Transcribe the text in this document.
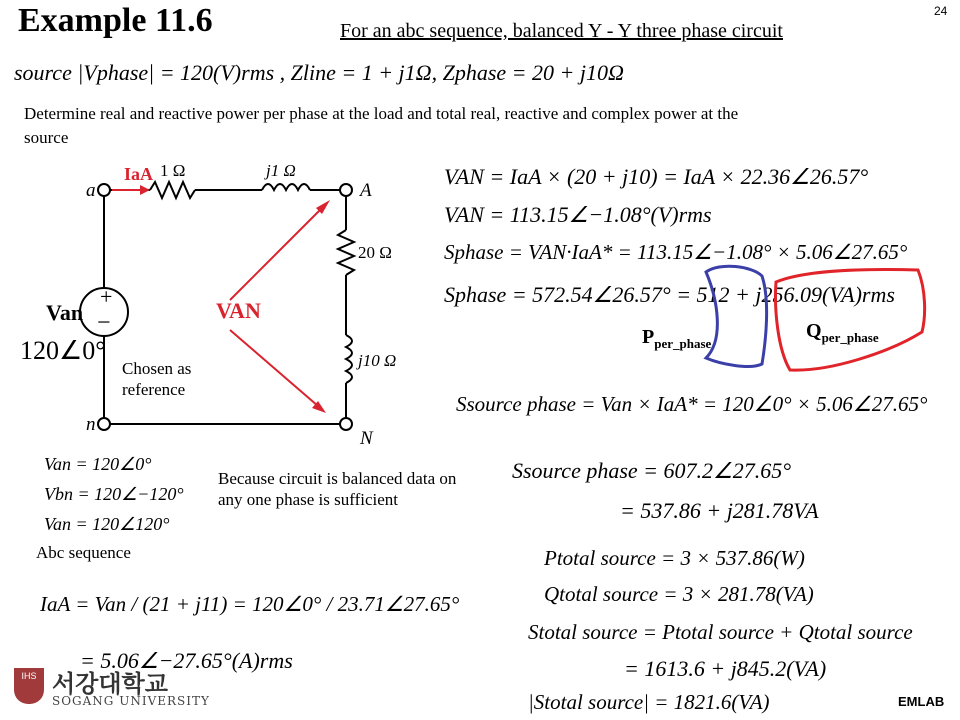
Example 11.6	For an abc sequence, balanced Y - Y three phase circuit
24
source |Vphase| = 120(V)rms , Zline = 1 + j1Ω, Zphase = 20 + j10Ω
Determine real and reactive power per phase at the load and total real, reactive and complex power at the source
+
−
a	A
n
N
IaA 1 Ω	j1 Ω
20 Ω
j10 Ω
Van	VAN
120∠0°
Chosen as reference
Van = 120∠0°
Vbn = 120∠−120°
Van = 120∠120°
Abc sequence
Because circuit is balanced data on any one phase is sufficient
IaA = Van / (21 + j11) = 120∠0° / 23.71∠27.65°
= 5.06∠−27.65°(A)rms
VAN = IaA × (20 + j10) = IaA × 22.36∠26.57°
VAN = 113.15∠−1.08°(V)rms
Sphase = VAN·IaA* = 113.15∠−1.08° × 5.06∠27.65°
Sphase = 572.54∠26.57° = 512 + j256.09(VA)rms
$P_{per\_phase}$
$Q_{per\_phase}$
Ssource phase = Van × IaA* = 120∠0° × 5.06∠27.65°
Ssource phase = 607.2∠27.65°
= 537.86 + j281.78VA
Ptotal source = 3 × 537.86(W)
Qtotal source = 3 × 281.78(VA)
Stotal source = Ptotal source + Qtotal source
= 1613.6 + j845.2(VA)
|Stotal source| = 1821.6(VA)
IHS 서강대학교
SOGANG UNIVERSITY	EMLAB
